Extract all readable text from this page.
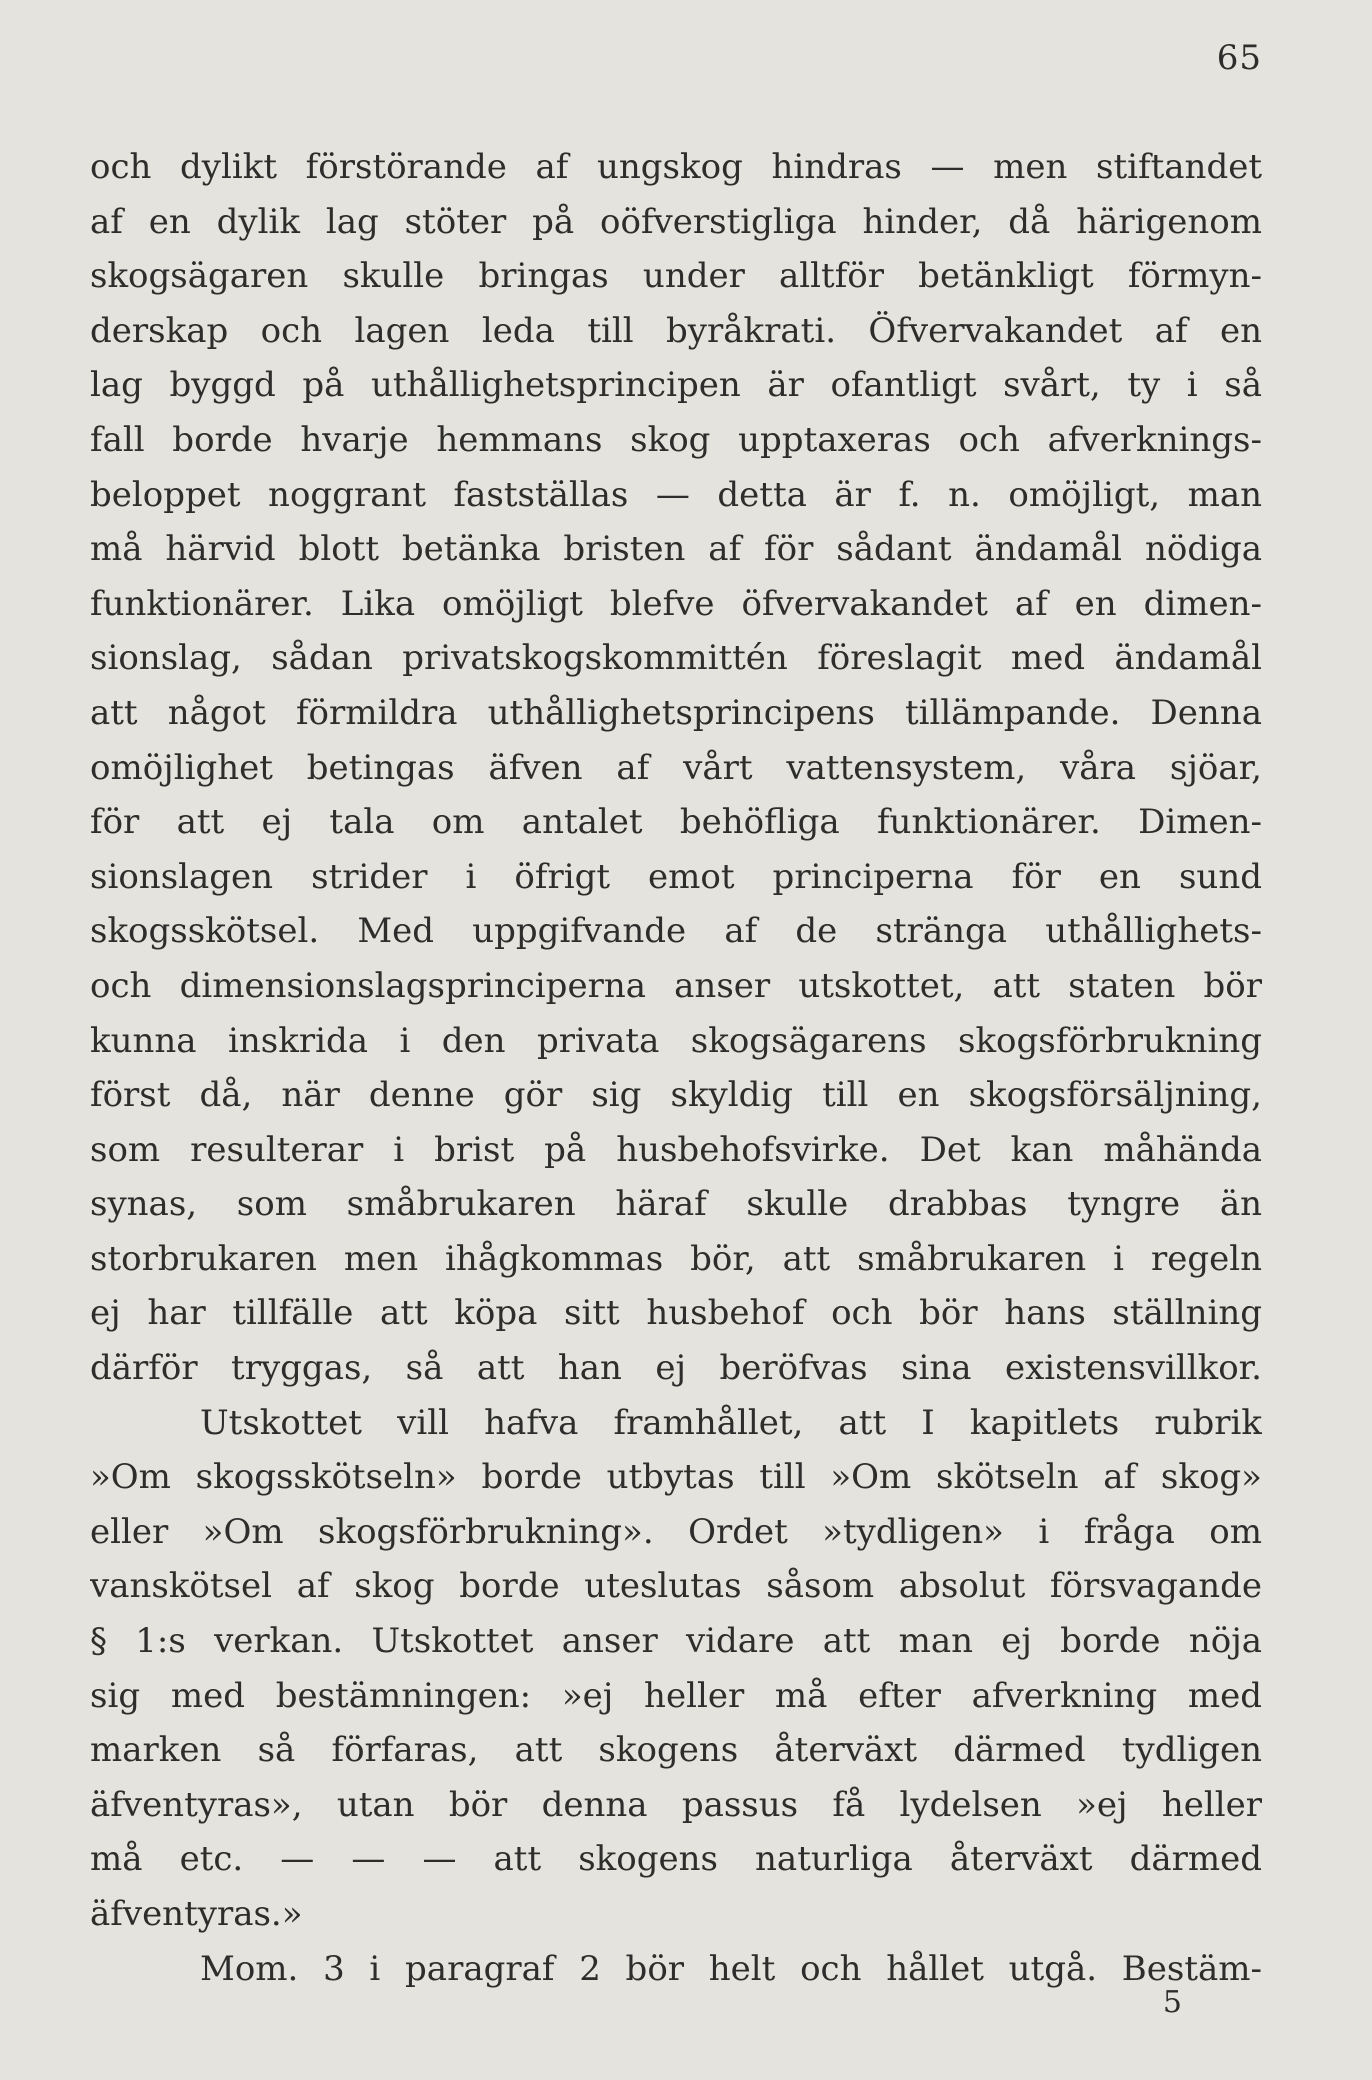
65
och dylikt förstörande af ungskog hindras — men stiftandet
af en dylik lag stöter på oöfverstigliga hinder, då härigenom
skogsägaren skulle bringas under alltför betänkligt förmyn-
derskap och lagen leda till byråkrati. Öfvervakandet af en
lag byggd på uthållighetsprincipen är ofantligt svårt, ty i så
fall borde hvarje hemmans skog upptaxeras och afverknings-
beloppet noggrant fastställas — detta är f. n. omöjligt, man
må härvid blott betänka bristen af för sådant ändamål nödiga
funktionärer. Lika omöjligt blefve öfvervakandet af en dimen-
sionslag, sådan privatskogskommittén föreslagit med ändamål
att något förmildra uthållighetsprincipens tillämpande. Denna
omöjlighet betingas äfven af vårt vattensystem, våra sjöar,
för att ej tala om antalet behöfliga funktionärer. Dimen-
sionslagen strider i öfrigt emot principerna för en sund
skogsskötsel. Med uppgifvande af de stränga uthållighets-
och dimensionslagsprinciperna anser utskottet, att staten bör
kunna inskrida i den privata skogsägarens skogsförbrukning
först då, när denne gör sig skyldig till en skogsförsäljning,
som resulterar i brist på husbehofsvirke. Det kan måhända
synas, som småbrukaren häraf skulle drabbas tyngre än
storbrukaren men ihågkommas bör, att småbrukaren i regeln
ej har tillfälle att köpa sitt husbehof och bör hans ställning
därför tryggas, så att han ej beröfvas sina existensvillkor.
Utskottet vill hafva framhållet, att I kapitlets rubrik
»Om skogsskötseln» borde utbytas till »Om skötseln af skog»
eller »Om skogsförbrukning». Ordet »tydligen» i fråga om
vanskötsel af skog borde uteslutas såsom absolut försvagande
§ 1:s verkan. Utskottet anser vidare att man ej borde nöja
sig med bestämningen: »ej heller må efter afverkning med
marken så förfaras, att skogens återväxt därmed tydligen
äfventyras», utan bör denna passus få lydelsen »ej heller
må etc. — — — att skogens naturliga återväxt därmed
äfventyras.»
Mom. 3 i paragraf 2 bör helt och hållet utgå. Bestäm-
5
